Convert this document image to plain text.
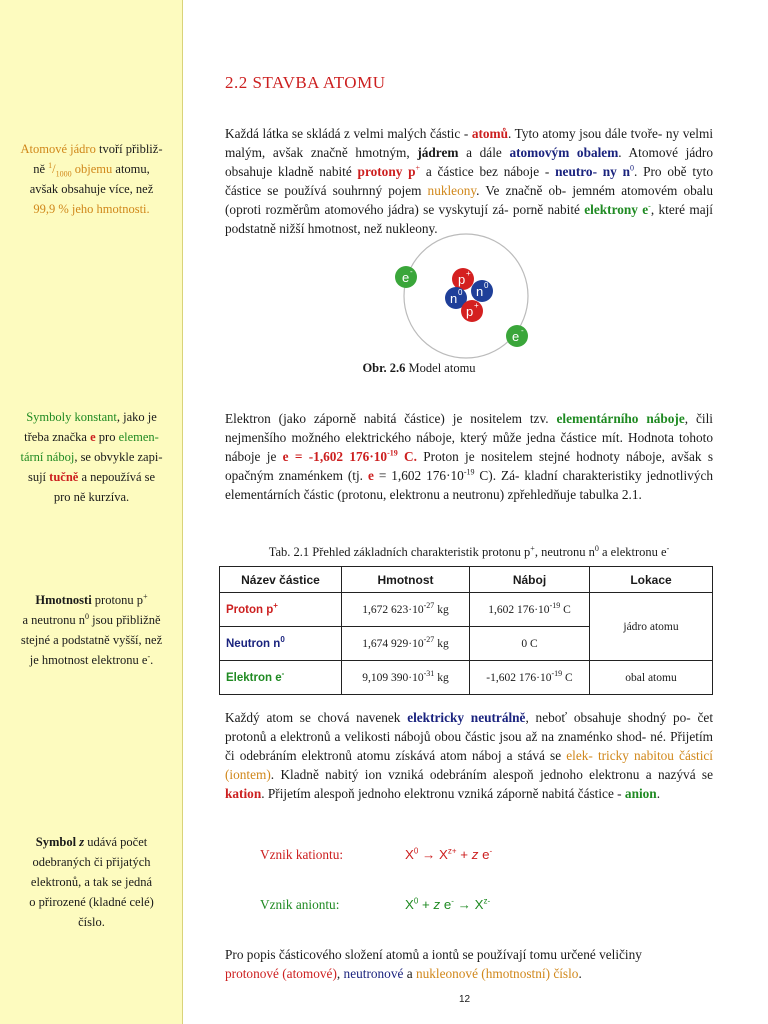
Atomové jádro tvoří přibliž-
ně $^1/_{1000}$ objemu atomu,
avšak obsahuje více, než
99,9 % jeho hmotnosti.
Symboly konstant, jako je
třeba značka e pro elemen-
tární náboj, se obvykle zapi-
sují tučně a nepoužívá se
pro ně kurzíva.
Hmotnosti protonu p+
a neutronu $n^0$ jsou přibližně
stejné a podstatně vyšší, než
je hmotnost elektronu e-.
Symbol z udává počet
odebraných či přijatých
elektronů, a tak se jedná
o přirozené (kladné celé)
číslo.
2.2 STAVBA ATOMU
Každá látka se skládá z velmi malých částic - atomů. Tyto atomy jsou dále tvoře- ny velmi malým, avšak značně hmotným, jádrem a dále atomovým obalem. Atomové jádro obsahuje kladně nabité protony p+ a částice bez náboje - neutro- ny $n^0$. Pro obě tyto částice se používá souhrnný pojem nukleony. Ve značně ob- jemném atomovém obalu (oproti rozměrům atomového jádra) se vyskytují zá- porně nabité elektrony e-, které mají podstatně nižší hmotnost, než nukleony.
e -
e -
p +
n 0 n 0
p +
Obr. 2.6 Model atomu
Elektron (jako záporně nabitá částice) je nositelem tzv. elementárního náboje, čili nejmenšího možného elektrického náboje, který může jedna částice mít. Hodnota tohoto náboje je e = -1,602 $176\cdot 10^{-19}$ C. Proton je nositelem stejné hodnoty náboje, avšak s opačným znaménkem (tj. e = 1,602 $176\cdot 10^{-19}$ C). Zá- kladní charakteristiky jednotlivých elementárních částic (protonu, elektronu a neutronu) zpřehledňuje tabulka 2.1.
Tab. 2.1 Přehled základních charakteristik protonu p+, neutronu $n^0$ a elektronu e-
Název částice	Hmotnost	Náboj	Lokace
Proton p+	1,672 $623\cdot 10^{-27}$ kg	1,602 $176\cdot 10^{-19}$ C	jádro atomu
Neutron $n^0$	1,674 $929\cdot 10^{-27}$ kg	0 C	
Elektron e-	9,109 $390\cdot 10^{-31}$ kg	-1,602 $176\cdot 10^{-19}$ C	obal atomu
Každý atom se chová navenek elektricky neutrálně, neboť obsahuje shodný po- čet protonů a elektronů a velikosti nábojů obou částic jsou až na znaménko shod- né. Přijetím či odebráním elektronů atomu získává atom náboj a stává se elek- tricky nabitou částicí (iontem). Kladně nabitý ion vzniká odebráním alespoň jednoho elektronu a nazývá se kation. Přijetím alespoň jednoho elektronu vzniká záporně nabitá částice - anion.
Vznik kationtu:	$X^0 \to X^{z+} + z$ e-
Vznik aniontu:	$X^0 + z$ $e^- \to X^{z-}$
Pro popis částicového složení atomů a iontů se používají tomu určené veličiny
protonové (atomové), neutronové a nukleonové (hmotnostní) číslo.
12
